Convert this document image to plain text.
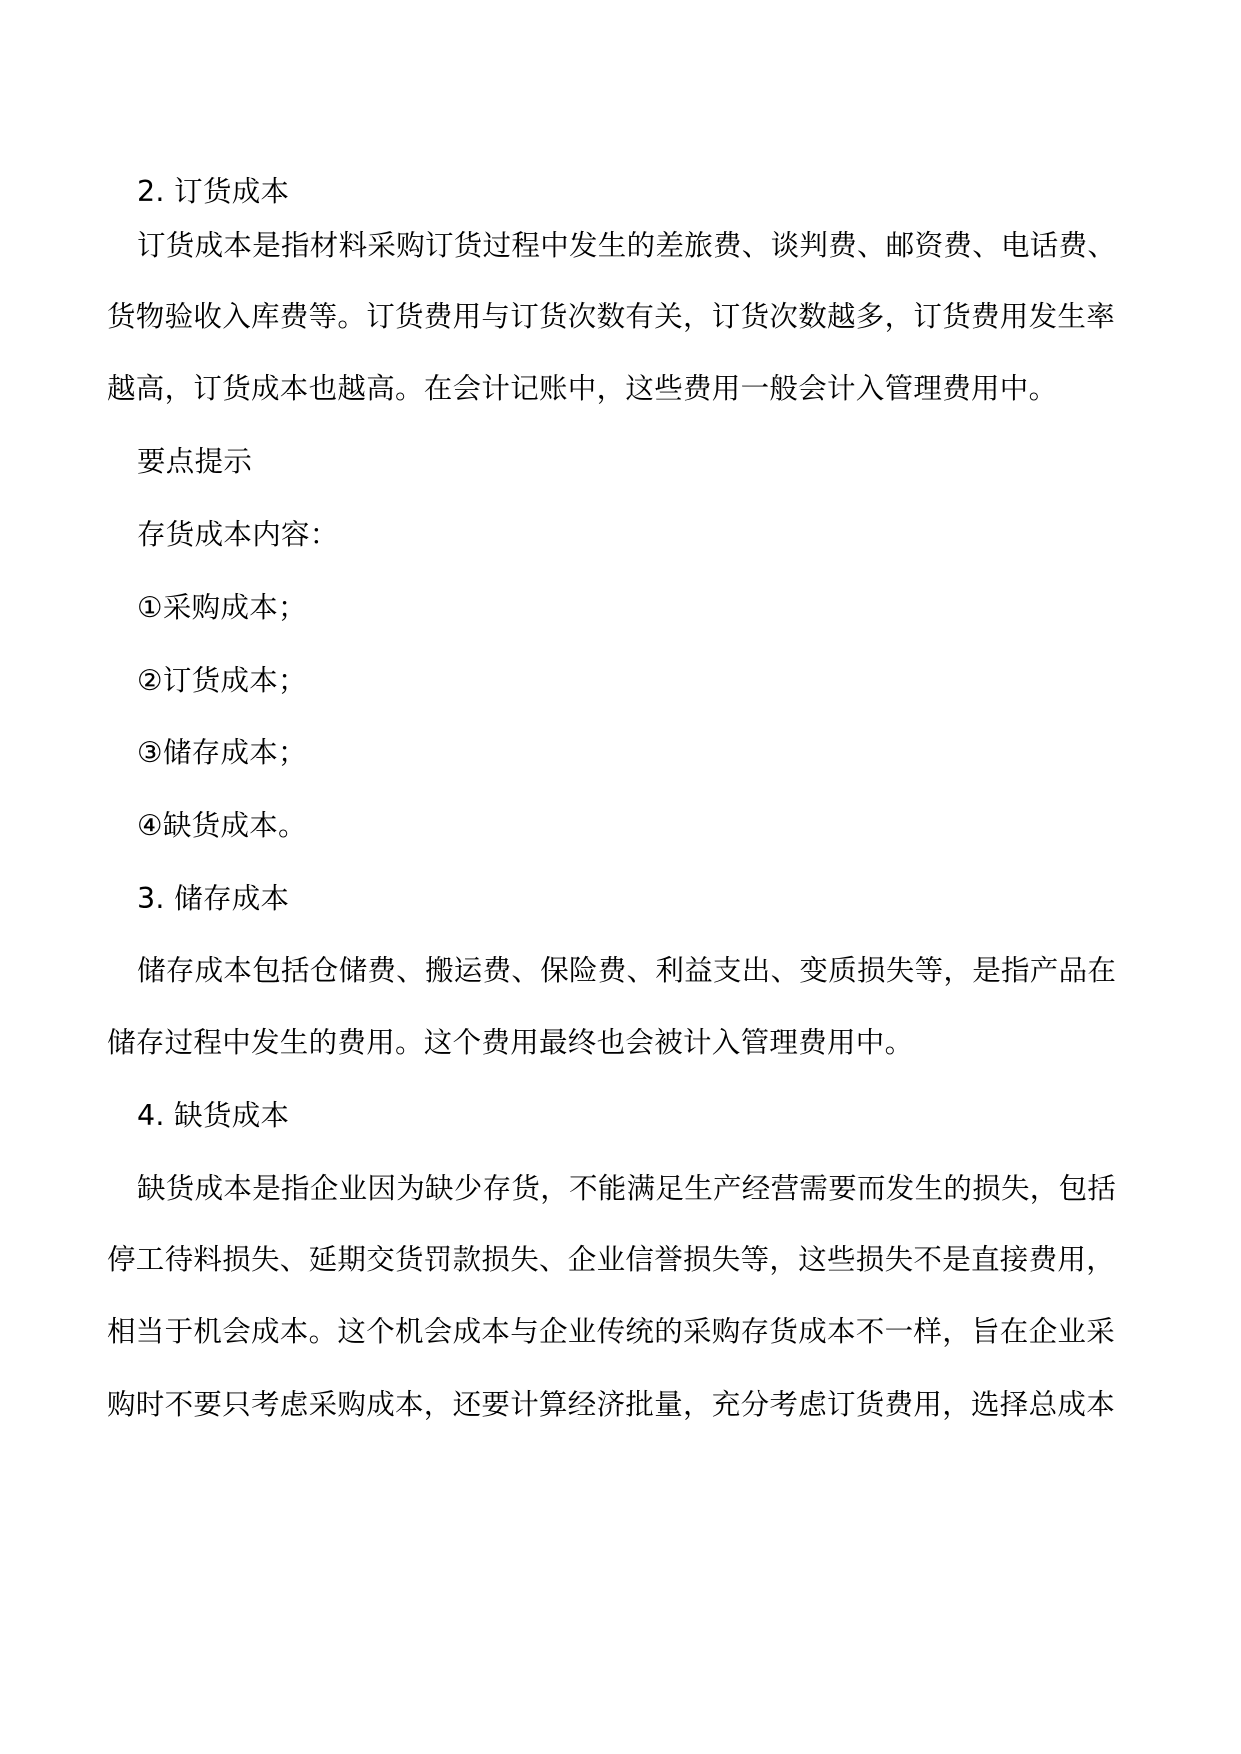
2. 订货成本
订货成本是指材料采购订货过程中发生的差旅费、谈判费、邮资费、电话费、
货物验收入库费等。订货费用与订货次数有关，订货次数越多，订货费用发生率
越高，订货成本也越高。在会计记账中，这些费用一般会计入管理费用中。
要点提示
存货成本内容：
①采购成本；
②订货成本；
③储存成本；
④缺货成本。
3. 储存成本
储存成本包括仓储费、搬运费、保险费、利益支出、变质损失等，是指产品在
储存过程中发生的费用。这个费用最终也会被计入管理费用中。
4. 缺货成本
缺货成本是指企业因为缺少存货，不能满足生产经营需要而发生的损失，包括
停工待料损失、延期交货罚款损失、企业信誉损失等，这些损失不是直接费用，
相当于机会成本。这个机会成本与企业传统的采购存货成本不一样，旨在企业采
购时不要只考虑采购成本，还要计算经济批量，充分考虑订货费用，选择总成本
